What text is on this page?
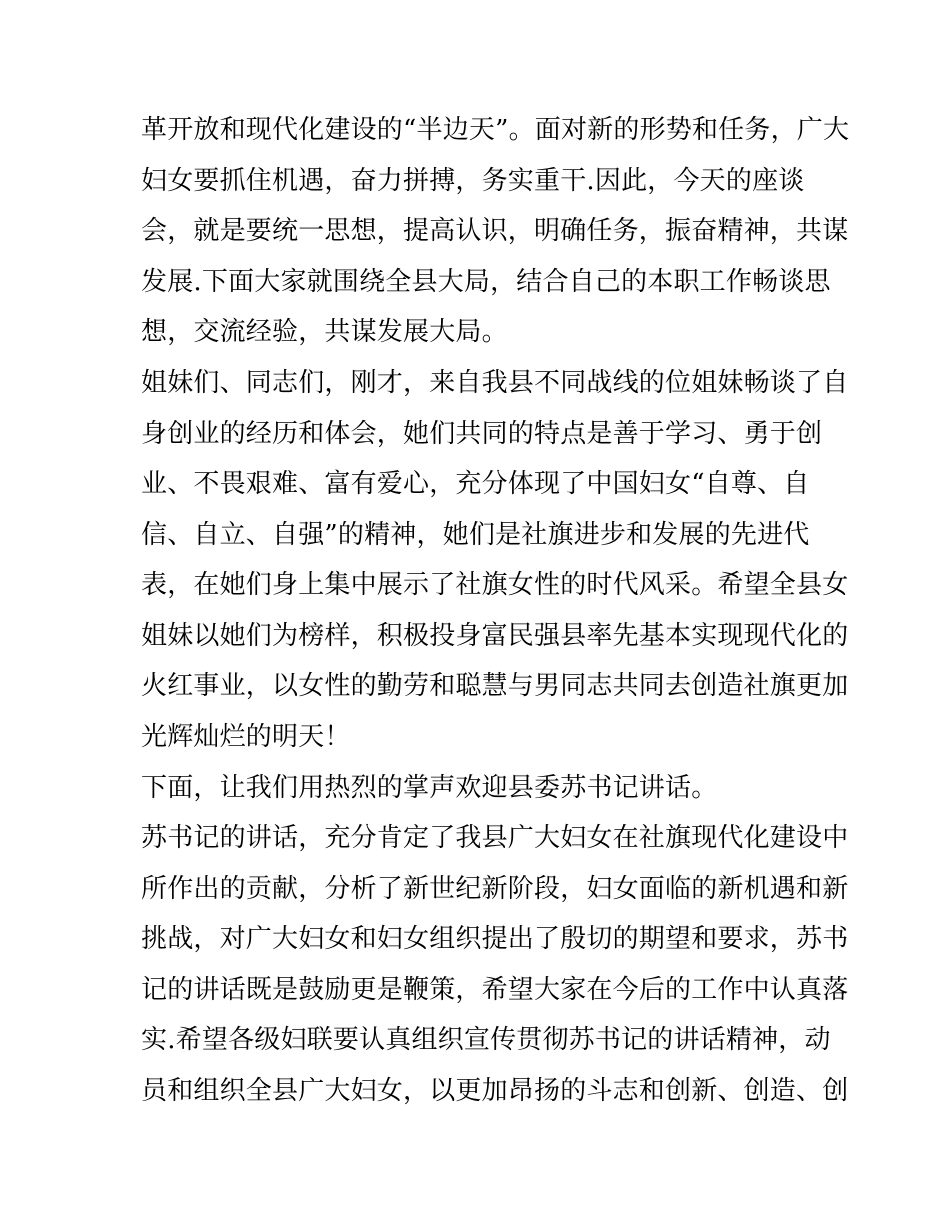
革开放和现代化建设的“半边天”。面对新的形势和任务，广大
妇女要抓住机遇，奋力拼搏，务实重干.因此，今天的座谈
会，就是要统一思想，提高认识，明确任务，振奋精神，共谋
发展.下面大家就围绕全县大局，结合自己的本职工作畅谈思
想，交流经验，共谋发展大局。
姐妹们、同志们，刚才，来自我县不同战线的位姐妹畅谈了自
身创业的经历和体会，她们共同的特点是善于学习、勇于创
业、不畏艰难、富有爱心，充分体现了中国妇女“自尊、自
信、自立、自强”的精神，她们是社旗进步和发展的先进代
表，在她们身上集中展示了社旗女性的时代风采。希望全县女
姐妹以她们为榜样，积极投身富民强县率先基本实现现代化的
火红事业，以女性的勤劳和聪慧与男同志共同去创造社旗更加
光辉灿烂的明天！
下面，让我们用热烈的掌声欢迎县委苏书记讲话。
苏书记的讲话，充分肯定了我县广大妇女在社旗现代化建设中
所作出的贡献，分析了新世纪新阶段，妇女面临的新机遇和新
挑战，对广大妇女和妇女组织提出了殷切的期望和要求，苏书
记的讲话既是鼓励更是鞭策，希望大家在今后的工作中认真落
实.希望各级妇联要认真组织宣传贯彻苏书记的讲话精神，动
员和组织全县广大妇女，以更加昂扬的斗志和创新、创造、创
